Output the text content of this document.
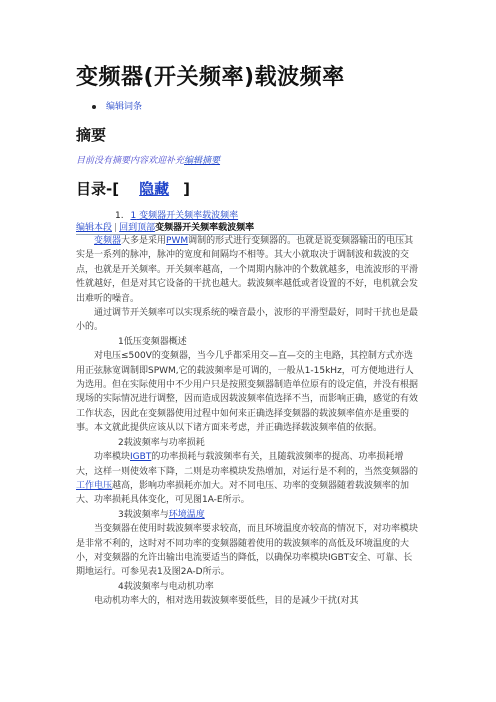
变频器(开关频率)载波频率
编辑词条
摘要
目前没有摘要内容欢迎补充编辑摘要
目录-[ 隐藏 ]
1. 1 变频器开关频率载波频率
编辑本段 | 回到顶部变频器开关频率载波频率

变频器大多是采用PWM调制的形式进行变频器的。也就是说变频器输出的电压其实是一系列的脉冲，脉冲的宽度和间隔均不相等。其大小就取决于调制波和载波的交点，也就是开关频率。开关频率越高，一个周期内脉冲的个数就越多，电流波形的平滑性就越好，但是对其它设备的干扰也越大。载波频率越低或者设置的不好，电机就会发出难听的噪音。

通过调节开关频率可以实现系统的噪音最小，波形的平滑型最好，同时干扰也是最小的。

1低压变频器概述

对电压≤500V的变频器，当今几乎都采用交—直—交的主电路，其控制方式亦选用正弦脉宽调制即SPWM,它的载波频率是可调的，一般从1-15kHz，可方便地进行人为选用。但在实际使用中不少用户只是按照变频器制造单位原有的设定值，并没有根据现场的实际情况进行调整，因而造成因载波频率值选择不当，而影响正确，感觉的有效工作状态，因此在变频器使用过程中如何来正确选择变频器的载波频率值亦是重要的事。本文就此提供应该从以下诸方面来考虑，并正确选择载波频率值的依据。

2载波频率与功率损耗

功率模块IGBT的功率损耗与载波频率有关，且随载波频率的提高、功率损耗增大，这样一则使效率下降，二则是功率模块发热增加，对运行是不利的，当然变频器的工作电压越高，影响功率损耗亦加大。对不同电压、功率的变频器随着载波频率的加大、功率损耗具体变化，可见图1A-E所示。

3载波频率与环境温度

当变频器在使用时载波频率要求较高，而且环境温度亦较高的情况下，对功率模块是非常不利的，这时对不同功率的变频器随着使用的载波频率的高低及环境温度的大小，对变频器的允许出输出电流要适当的降低，以确保功率模块IGBT安全、可靠、长期地运行。可参见表1及图2A-D所示。

4载波频率与电动机功率

电动机功率大的，相对选用载波频率要低些，目的是减少干扰(对其
